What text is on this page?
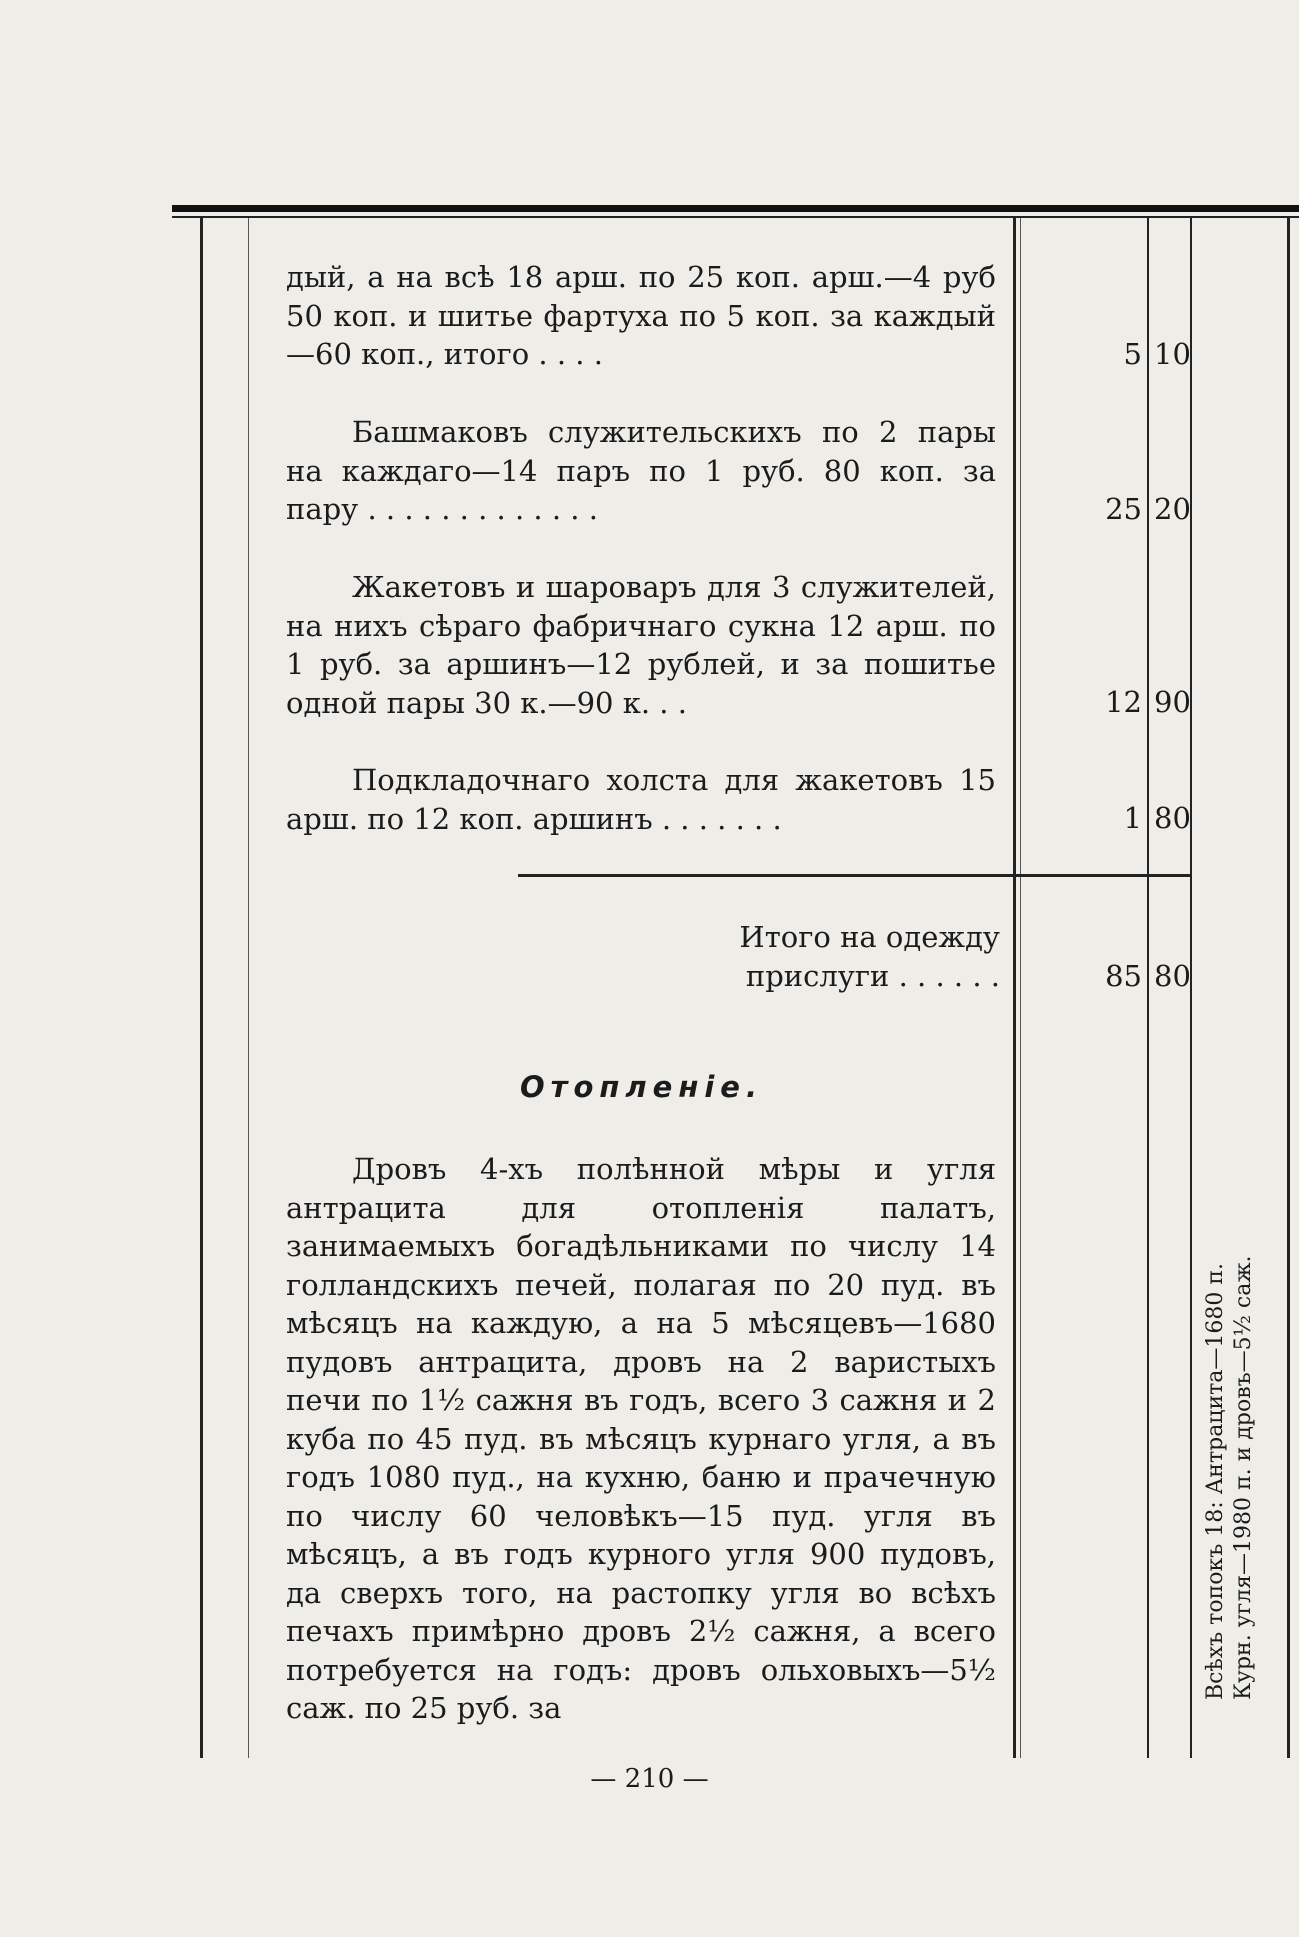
дый, а на всѣ 18 арш. по 25 коп. арш.—4 руб 50 коп. и шитье фартуха по 5 коп. за каждый—60 коп., итого . . . .	5 10

Башмаковъ служительскихъ по 2 пары на каждаго—14 паръ по 1 руб. 80 коп. за пару . . . . . . . . . . . . .	25 20

Жакетовъ и шароваръ для 3 служителей, на нихъ сѣраго фабричнаго сукна 12 арш. по 1 руб. за аршинъ—12 рублей, и за пошитье одной пары 30 к.—90 к. . .	12 90

Подкладочнаго холста для жакетовъ 15 арш. по 12 коп. аршинъ . . . . . . .	1 80
Итого на одежду прислуги . . . . . .	85 80
Отопленіе.

Дровъ 4-хъ полѣнной мѣры и угля антрацита для отопленія палатъ, занимаемыхъ богадѣльниками по числу 14 голландскихъ печей, полагая по 20 пуд. въ мѣсяцъ на каждую, а на 5 мѣсяцевъ—1680 пудовъ антрацита, дровъ на 2 варистыхъ печи по 1½ сажня въ годъ, всего 3 сажня и 2 куба по 45 пуд. въ мѣсяцъ курнаго угля, а въ годъ 1080 пуд., на кухню, баню и прачечную по числу 60 человѣкъ—15 пуд. угля въ мѣсяцъ, а въ годъ курного угля 900 пудовъ, да сверхъ того, на растопку угля во всѣхъ печахъ примѣрно дровъ 2½ сажня, а всего потребуется на годъ: дровъ ольховыхъ—5½ саж. по 25 руб. за

Всѣхъ топокъ 18: Антрацита—1680 п. Курн. угля—1980 п. и дровъ—5½ саж.
— 210 —
